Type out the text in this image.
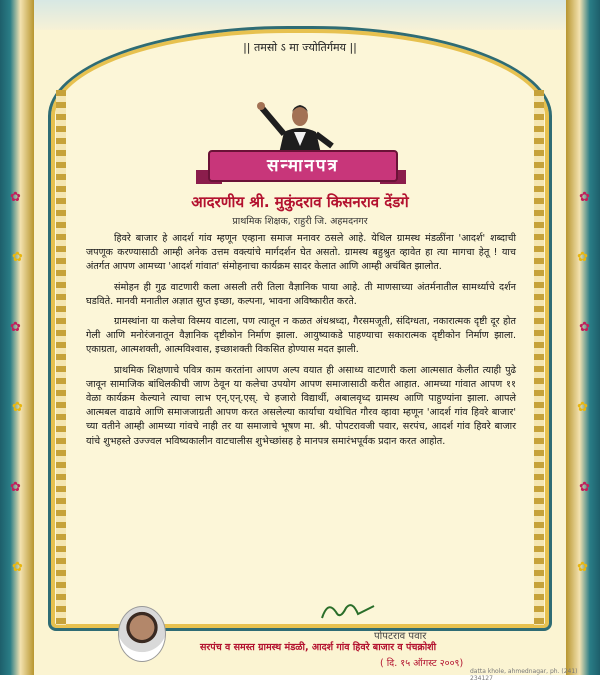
✿
✿
✿
✿
✿
✿
✿
✿
✿
✿
✿
✿
|| तमसो ऽ मा ज्योतिर्गमय ||
सन्मानपत्र
आदरणीय श्री. मुकुंदराव किसनराव देंडगे
प्राथमिक शिक्षक, राहुरी जि. अहमदनगर

हिवरे बाजार हे आदर्श गांव म्हणून एव्हाना समाज मनावर ठसले आहे. येथिल ग्रामस्थ मंडळींना 'आदर्श' शब्दाची जपणूक करण्यासाठी आम्ही अनेक उत्तम वक्त्यांचे मार्गदर्शन घेत असतो. ग्रामस्थ बहुश्रुत व्हावेत हा त्या मागचा हेतू ! याच अंतर्गत आपण आमच्या 'आदर्श गांवात' संमोहनाचा कार्यक्रम सादर केलात आणि आम्ही अचंबित झालोत.

संमोहन ही गुढ वाटणारी कला असली तरी तिला वैज्ञानिक पाया आहे. ती माणसाच्या अंतर्मनातील सामर्थ्याचे दर्शन घडविते. मानवी मनातील अज्ञात सुप्त इच्छा, कल्पना, भावना अविष्कारीत करते.

ग्रामस्थांना या कलेचा विस्मय वाटला, पण त्यातून न कळत अंधश्रध्दा, गैरसमजूती, संदिग्धता, नकारात्मक दृष्टी दूर होत गेली आणि मनोरंजनातून वैज्ञानिक दृष्टीकोन निर्माण झाला. आयुष्याकडे पाहण्याचा सकारात्मक दृष्टीकोन निर्माण झाला. एकाग्रता, आत्मशक्ती, आत्मविश्वास, इच्छाशक्ती विकसित होण्यास मदत झाली.

प्राथमिक शिक्षणाचे पवित्र काम करतांना आपण अल्प वयात ही असाध्य वाटणारी कला आत्मसात केलीत त्याही पुढे जावून सामाजिक बांधिलकीची जाण ठेवून या कलेचा उपयोग आपण समाजासाठी करीत आहात. आमच्या गांवात आपण ११ वेळा कार्यक्रम केल्याने त्याचा लाभ एन्.एन्.एस्. चे हजारो विद्यार्थी, अबालवृध्द ग्रामस्थ आणि पाहुण्यांना झाला. आपले आत्मबल वाढावे आणि समाजजाग्रती आपण करत असलेल्या कार्याचा यथोचित गौरव व्हावा म्हणून 'आदर्श गांव हिवरे बाजार' च्या वतीने आम्ही आमच्या गांवचे नाही तर या समाजाचे भूषण मा. श्री. पोपटरावजी पवार, सरपंच, आदर्श गांव हिवरे बाजार यांचे शुभहस्ते उज्ज्वल भविष्यकालीन वाटचालीस शुभेच्छांसह हे मानपत्र समारंभपूर्वक प्रदान करत आहोत.

पोपटराव पवार
सरपंच व समस्त ग्रामस्थ मंडळी, आदर्श गांव हिवरे बाजार व पंचक्रोशी
( दि. १५ ऑगस्ट २००९)
datta khole, ahmednagar, ph. (241) 234127
